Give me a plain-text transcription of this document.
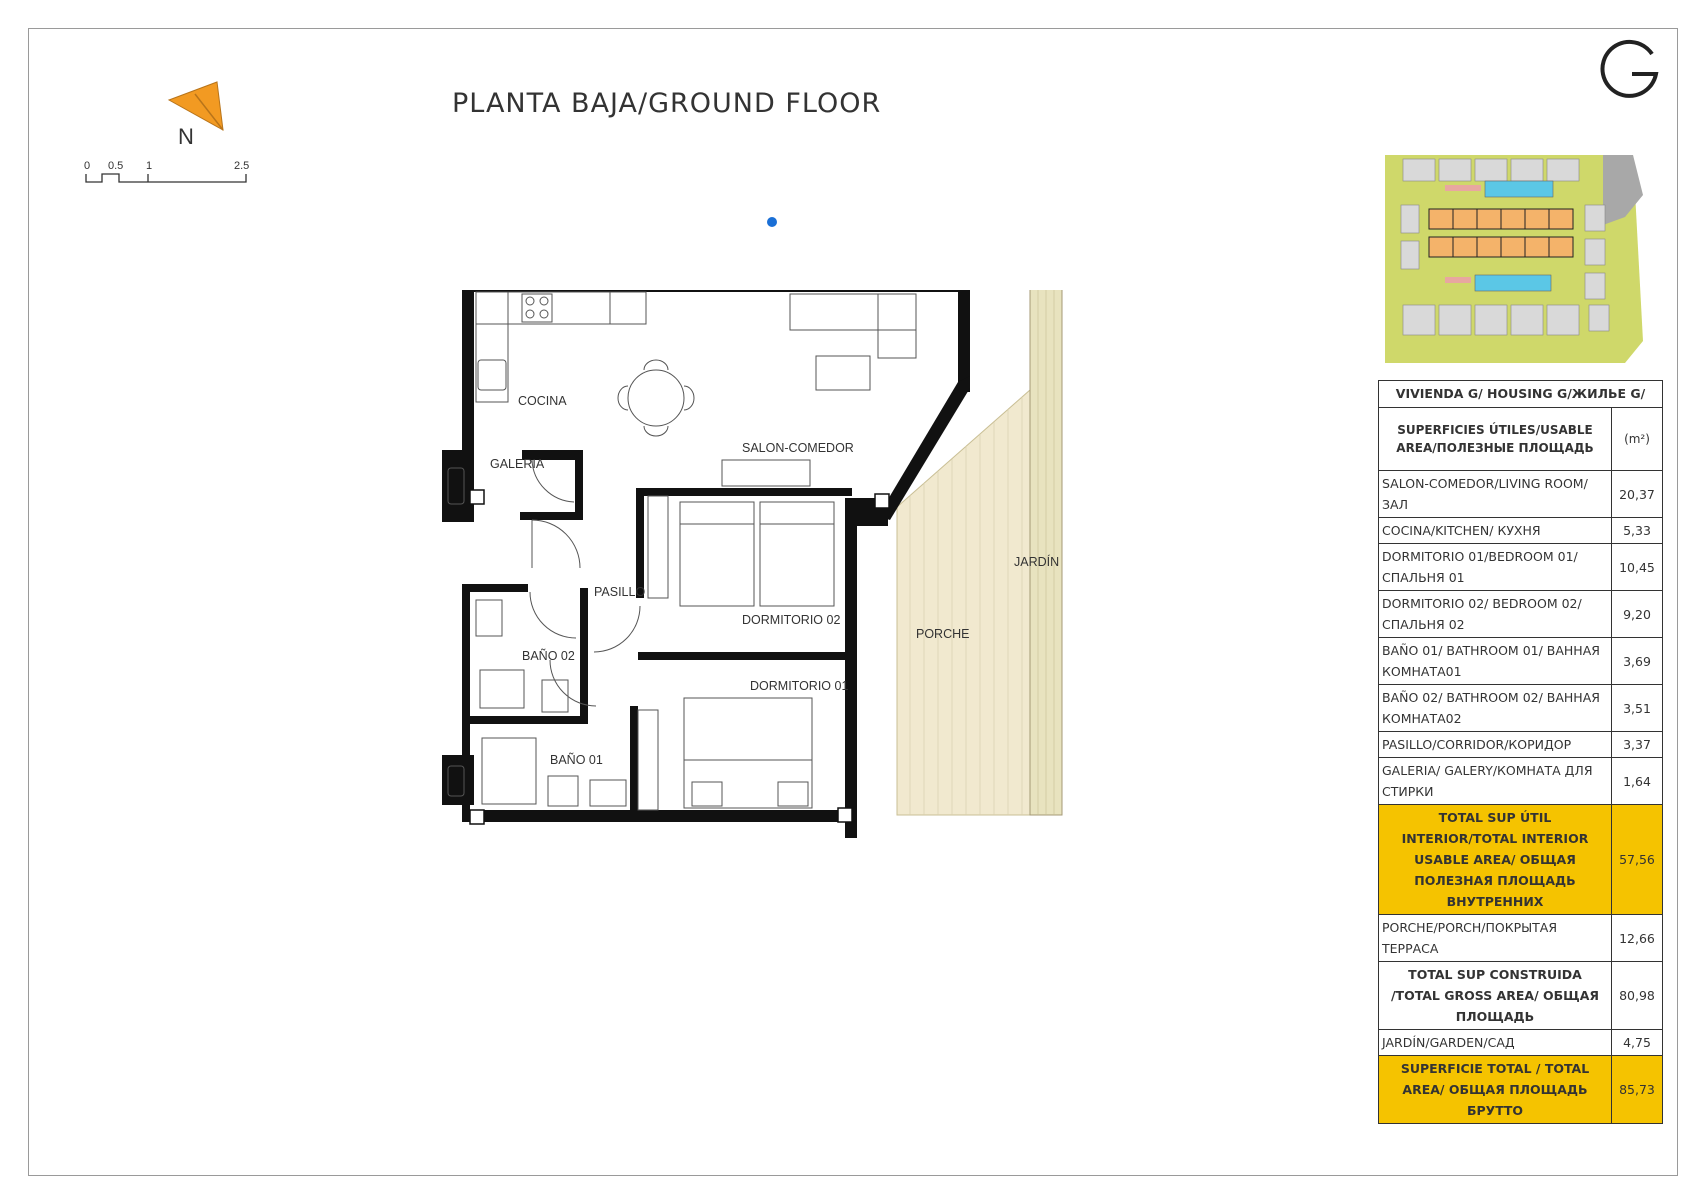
PLANTA BAJA/GROUND FLOOR
N
0 0.5 1	2.5
COCINA
GALERIA
SALON-COMEDOR
DORMITORIO 02
DORMITORIO 01
PASILLO
BAÑO 02
BAÑO 01
PORCHE
JARDÍN
VIVIENDA G/ HOUSING G/ЖИЛЬЕ G/	
SUPERFICIES ÚTILES/USABLE AREA/ПОЛЕЗНЫЕ ПЛОЩАДЬ	(m²)
SALON-COMEDOR/LIVING ROOM/ЗАЛ	20,37
COCINA/KITCHEN/ КУХНЯ	5,33
DORMITORIO 01/BEDROOM 01/ СПАЛЬНЯ 01	10,45
DORMITORIO 02/ BEDROOM 02/ СПАЛЬНЯ 02	9,20
BAÑO 01/ BATHROOM 01/ ВАННАЯ КОМНАТА01	3,69
BAÑO 02/ BATHROOM 02/ ВАННАЯ КОМНАТА02	3,51
PASILLO/CORRIDOR/КОРИДОР	3,37
GALERIA/ GALERY/КОМНАТА ДЛЯ СТИРКИ	1,64
TOTAL SUP ÚTIL INTERIOR/TOTAL INTERIOR USABLE AREA/ ОБЩАЯ ПОЛЕЗНАЯ ПЛОЩАДЬ ВНУТРЕННИХ	57,56
PORCHE/PORCH/ПОКРЫТАЯ ТЕРРАСА	12,66
TOTAL SUP CONSTRUIDA /TOTAL GROSS AREA/ ОБЩАЯ ПЛОЩАДЬ	80,98
JARDÍN/GARDEN/САД	4,75
SUPERFICIE TOTAL / TOTAL AREA/ ОБЩАЯ ПЛОЩАДЬ БРУТТО	85,73
